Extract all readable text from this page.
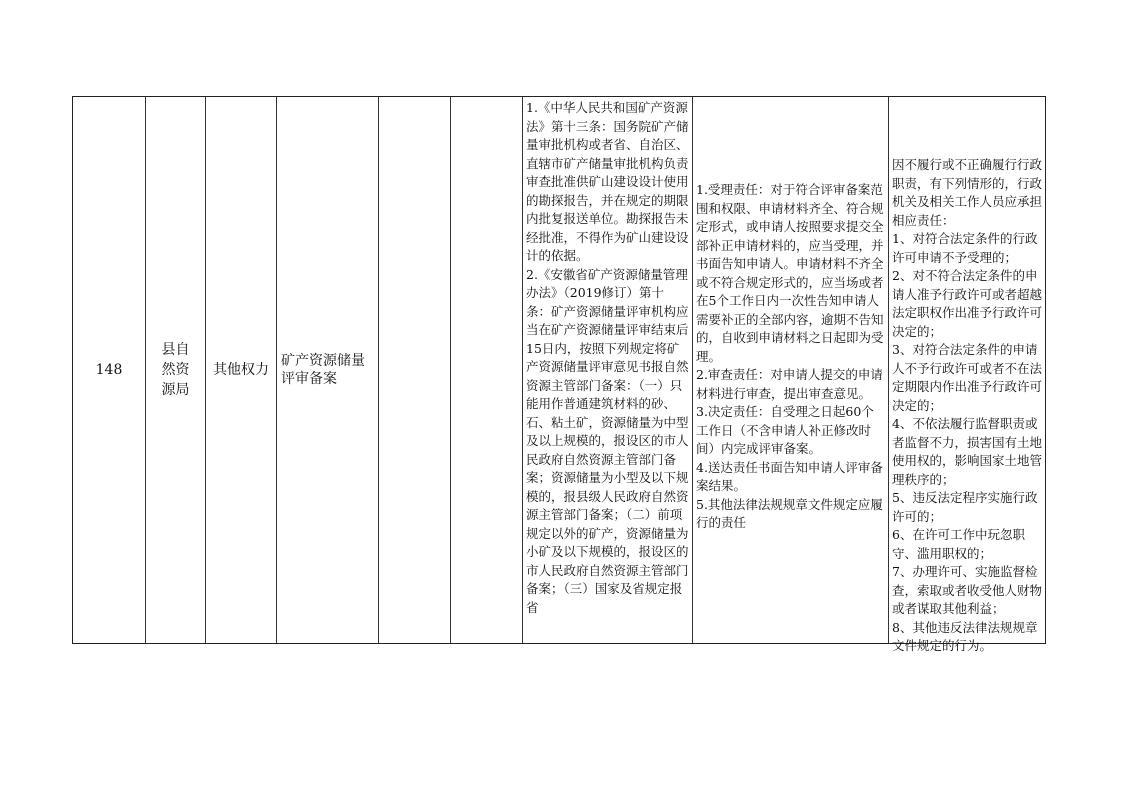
148
县自然资源局
其他权力
矿产资源储量评审备案
1.《中华人民共和国矿产资源法》第十三条：国务院矿产储量审批机构或者省、自治区、直辖市矿产储量审批机构负责审查批准供矿山建设设计使用的勘探报告，并在规定的期限内批复报送单位。勘探报告未经批准，不得作为矿山建设设计的依据。
2.《安徽省矿产资源储量管理办法》（2019修订）第十条：矿产资源储量评审机构应当在矿产资源储量评审结束后15日内，按照下列规定将矿产资源储量评审意见书报自然资源主管部门备案：（一）只能用作普通建筑材料的砂、石、粘土矿，资源储量为中型及以上规模的，报设区的市人民政府自然资源主管部门备案；资源储量为小型及以下规模的，报县级人民政府自然资源主管部门备案；（二）前项规定以外的矿产，资源储量为小矿及以下规模的，报设区的市人民政府自然资源主管部门备案；（三）国家及省规定报省
1.受理责任：对于符合评审备案范围和权限、申请材料齐全、符合规定形式，或申请人按照要求提交全部补正申请材料的，应当受理，并书面告知申请人。申请材料不齐全或不符合规定形式的，应当场或者在5个工作日内一次性告知申请人需要补正的全部内容，逾期不告知的，自收到申请材料之日起即为受理。
2.审查责任：对申请人提交的申请材料进行审查，提出审查意见。
3.决定责任：自受理之日起60个工作日（不含申请人补正修改时间）内完成评审备案。
4.送达责任书面告知申请人评审备案结果。
5.其他法律法规规章文件规定应履行的责任
因不履行或不正确履行行政职责，有下列情形的，行政机关及相关工作人员应承担相应责任：
1、对符合法定条件的行政许可申请不予受理的；
2、对不符合法定条件的申请人准予行政许可或者超越法定职权作出准予行政许可决定的；
3、对符合法定条件的申请人不予行政许可或者不在法定期限内作出准予行政许可决定的；
4、不依法履行监督职责或者监督不力，损害国有土地使用权的，影响国家土地管理秩序的；
5、违反法定程序实施行政许可的；
6、在许可工作中玩忽职守、滥用职权的；
7、办理许可、实施监督检查，索取或者收受他人财物或者谋取其他利益；
8、其他违反法律法规规章文件规定的行为。
